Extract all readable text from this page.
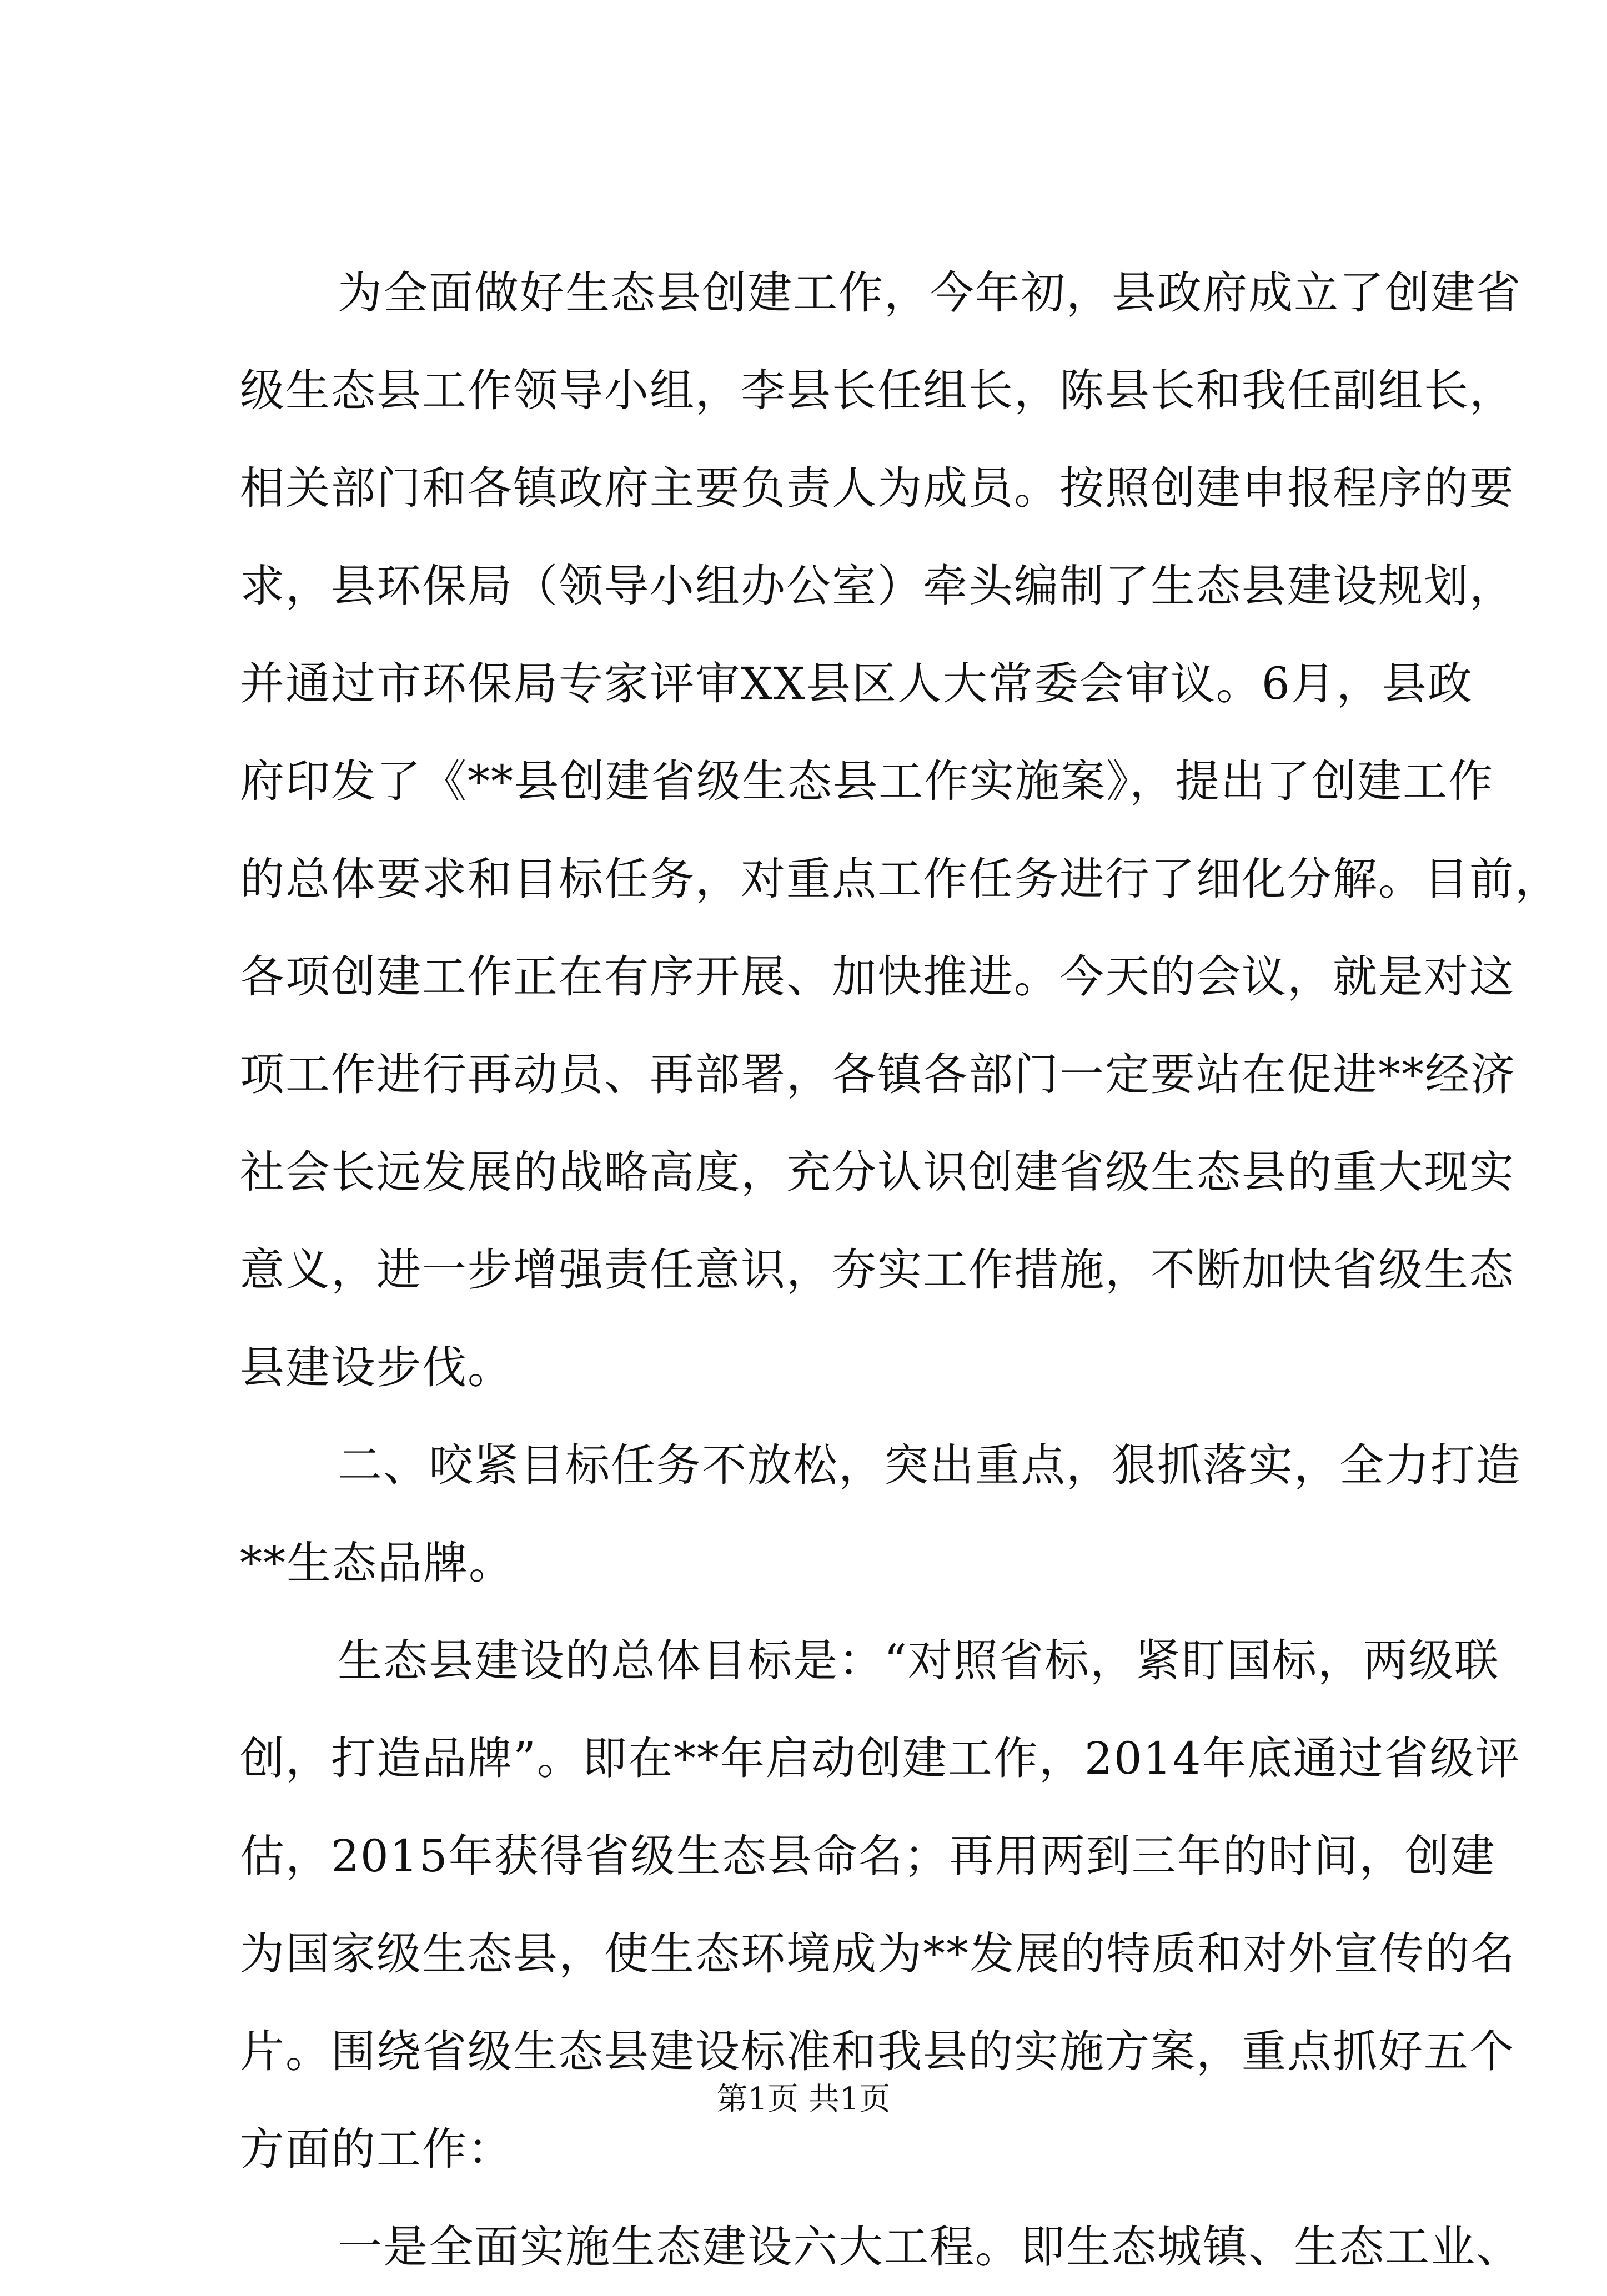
为全面做好生态县创建工作，今年初，县政府成立了创建省
级生态县工作领导小组，李县长任组长，陈县长和我任副组长，
相关部门和各镇政府主要负责人为成员。按照创建申报程序的要
求，县环保局（领导小组办公室）牵头编制了生态县建设规划，
并通过市环保局专家评审XX县区人大常委会审议。6月，县政
府印发了《**县创建省级生态县工作实施案》，提出了创建工作
的总体要求和目标任务，对重点工作任务进行了细化分解。目前，
各项创建工作正在有序开展、加快推进。今天的会议，就是对这
项工作进行再动员、再部署，各镇各部门一定要站在促进**经济
社会长远发展的战略高度，充分认识创建省级生态县的重大现实
意义，进一步增强责任意识，夯实工作措施，不断加快省级生态
县建设步伐。
二、咬紧目标任务不放松，突出重点，狠抓落实，全力打造
**生态品牌。
生态县建设的总体目标是：“对照省标，紧盯国标，两级联
创，打造品牌”。即在**年启动创建工作，2014年底通过省级评
估，2015年获得省级生态县命名；再用两到三年的时间，创建
为国家级生态县，使生态环境成为**发展的特质和对外宣传的名
片。围绕省级生态县建设标准和我县的实施方案，重点抓好五个
方面的工作：
一是全面实施生态建设六大工程。即生态城镇、生态工业、
第1页 共1页
